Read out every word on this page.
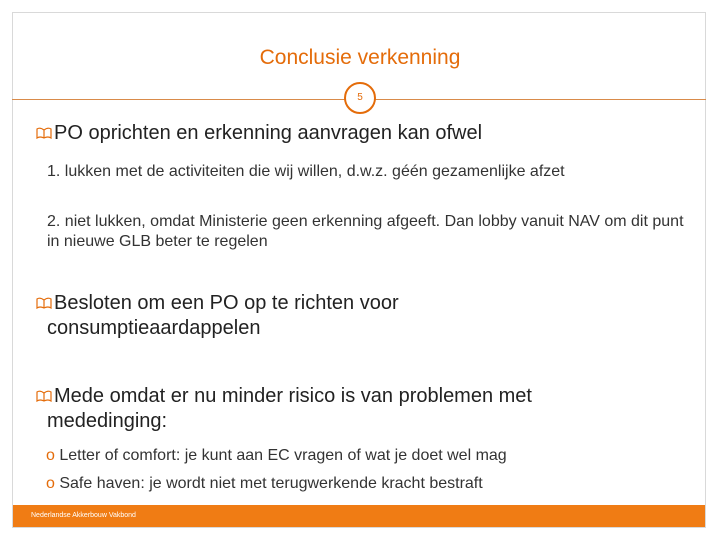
Conclusie verkenning
5
PO oprichten en erkenning aanvragen kan ofwel
1. lukken met de activiteiten die wij willen, d.w.z. géén gezamenlijke afzet
2. niet lukken, omdat Ministerie geen erkenning afgeeft. Dan lobby vanuit NAV om dit punt in nieuwe GLB beter te regelen
Besloten om een PO op te richten voor
consumptieaardappelen
Mede omdat er nu minder risico is van problemen met
mededinging:
o Letter of comfort: je kunt aan EC vragen of wat je doet wel mag
o Safe haven: je wordt niet met terugwerkende kracht bestraft
Nederlandse Akkerbouw Vakbond
